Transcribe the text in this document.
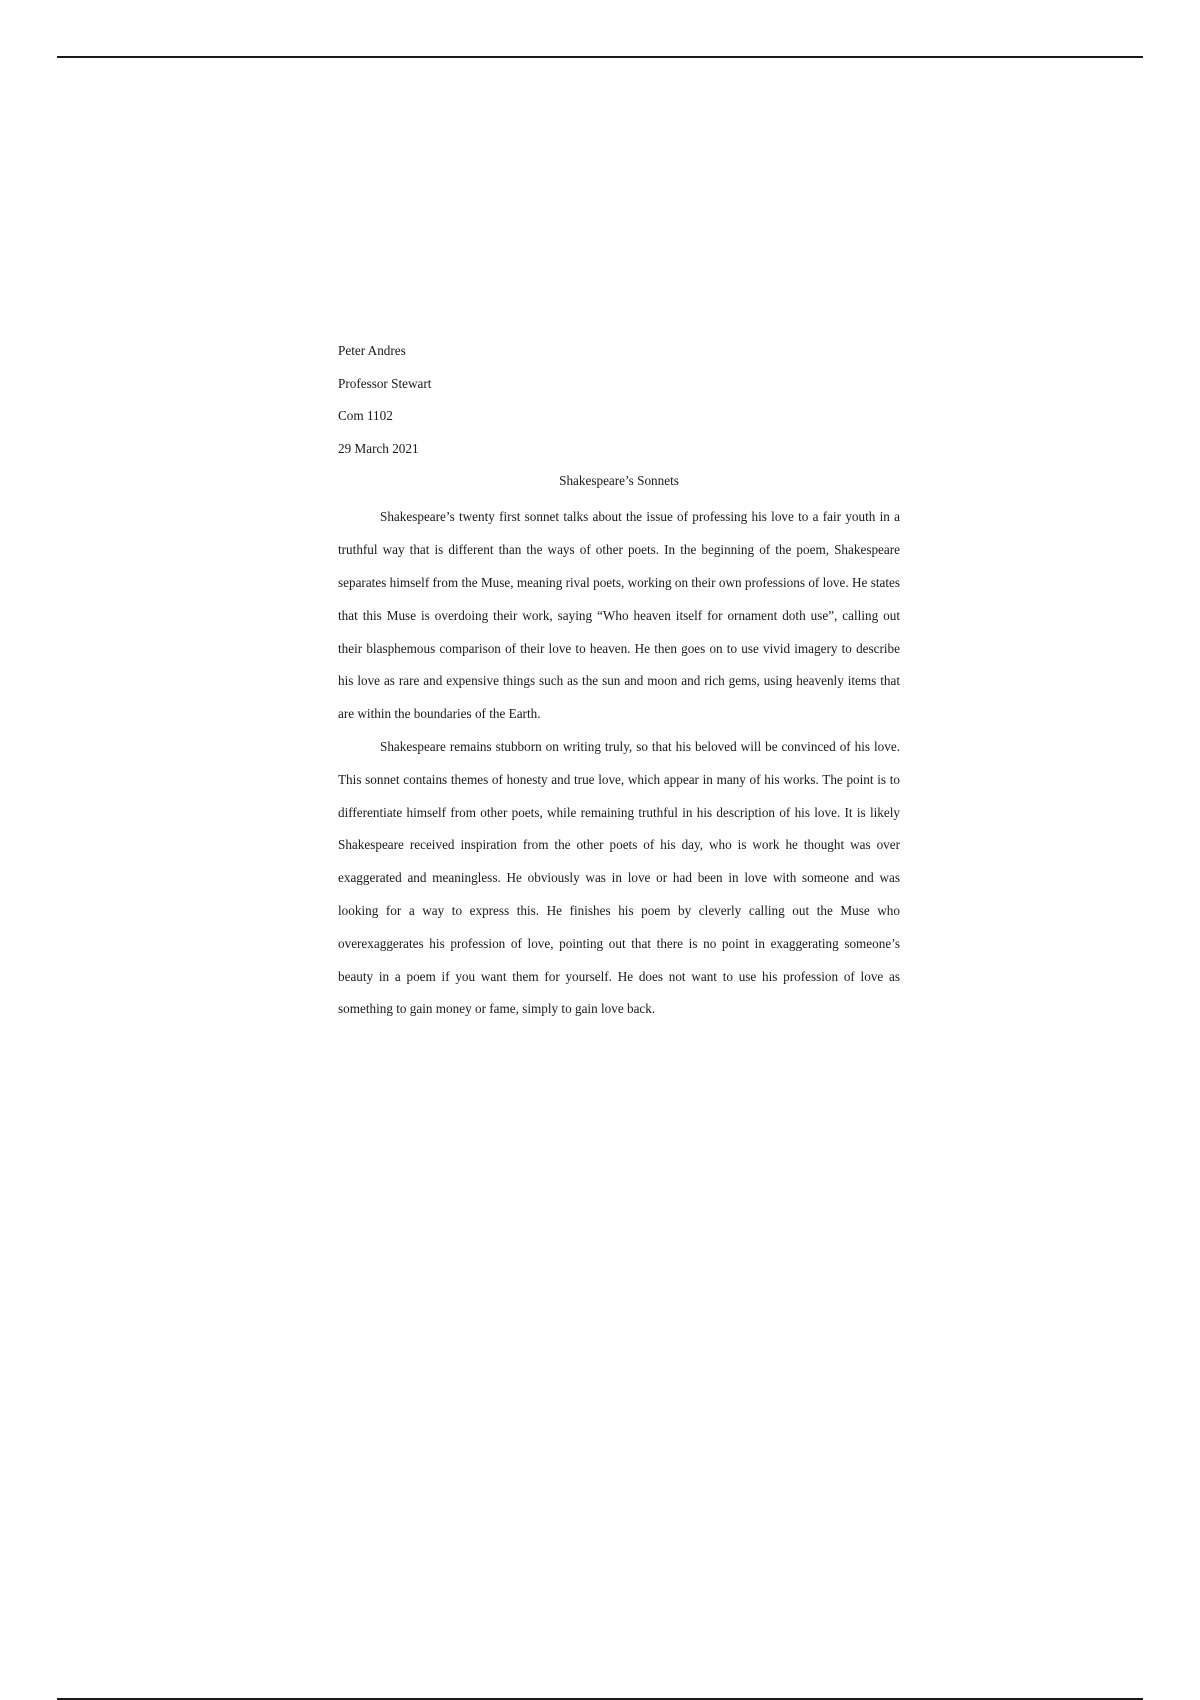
Peter Andres
Professor Stewart
Com 1102
29 March 2021
Shakespeare’s Sonnets

Shakespeare’s twenty first sonnet talks about the issue of professing his love to a fair youth in a truthful way that is different than the ways of other poets. In the beginning of the poem, Shakespeare separates himself from the Muse, meaning rival poets, working on their own professions of love. He states that this Muse is overdoing their work, saying “Who heaven itself for ornament doth use”, calling out their blasphemous comparison of their love to heaven. He then goes on to use vivid imagery to describe his love as rare and expensive things such as the sun and moon and rich gems, using heavenly items that are within the boundaries of the Earth.

Shakespeare remains stubborn on writing truly, so that his beloved will be convinced of his love. This sonnet contains themes of honesty and true love, which appear in many of his works. The point is to differentiate himself from other poets, while remaining truthful in his description of his love. It is likely Shakespeare received inspiration from the other poets of his day, who is work he thought was over exaggerated and meaningless. He obviously was in love or had been in love with someone and was looking for a way to express this. He finishes his poem by cleverly calling out the Muse who overexaggerates his profession of love, pointing out that there is no point in exaggerating someone’s beauty in a poem if you want them for yourself. He does not want to use his profession of love as something to gain money or fame, simply to gain love back.
